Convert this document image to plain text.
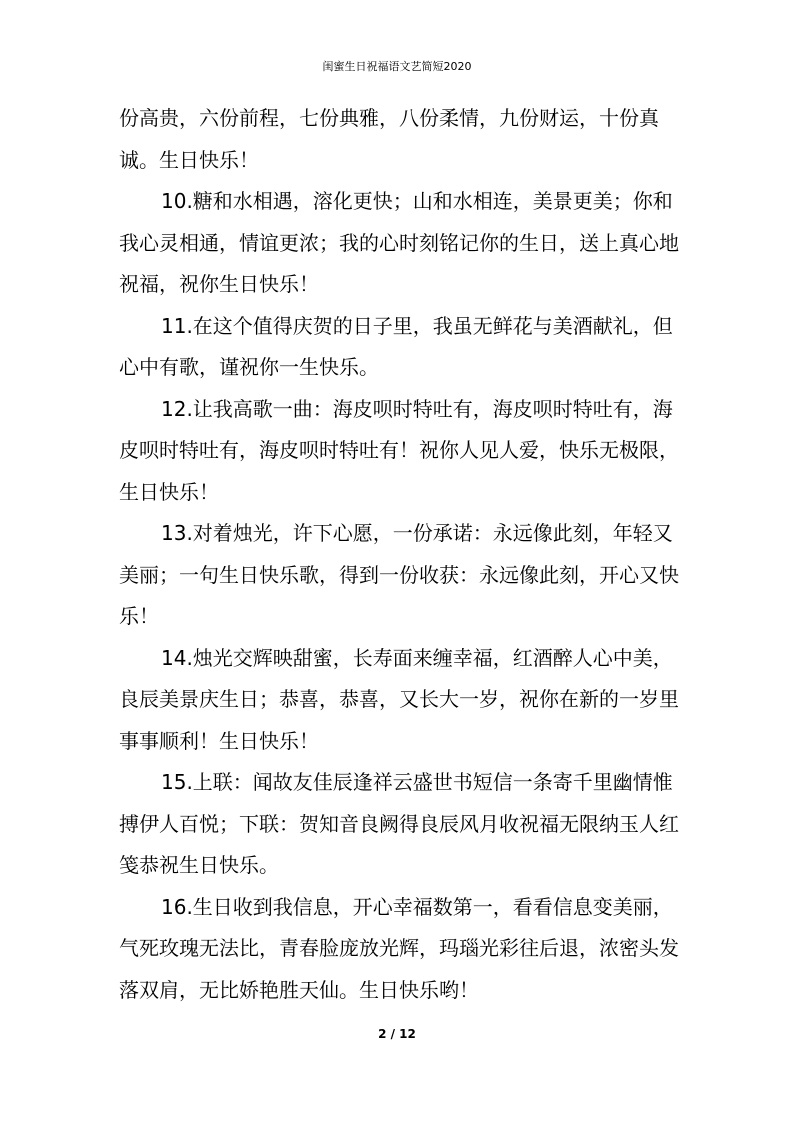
闺蜜生日祝福语文艺简短2020

份高贵，六份前程，七份典雅，八份柔情，九份财运，十份真诚。生日快乐！

10.糖和水相遇，溶化更快；山和水相连，美景更美；你和我心灵相通，情谊更浓；我的心时刻铭记你的生日，送上真心地祝福，祝你生日快乐！

11.在这个值得庆贺的日子里，我虽无鲜花与美酒献礼，但心中有歌，谨祝你一生快乐。

12.让我高歌一曲：海皮呗时特吐有，海皮呗时特吐有，海皮呗时特吐有，海皮呗时特吐有！祝你人见人爱，快乐无极限，生日快乐！

13.对着烛光，许下心愿，一份承诺：永远像此刻，年轻又美丽；一句生日快乐歌，得到一份收获：永远像此刻，开心又快乐！

14.烛光交辉映甜蜜，长寿面来缠幸福，红酒醉人心中美，良辰美景庆生日；恭喜，恭喜，又长大一岁，祝你在新的一岁里事事顺利！生日快乐！

15.上联：闻故友佳辰逢祥云盛世书短信一条寄千里幽情惟搏伊人百悦；下联：贺知音良阙得良辰风月收祝福无限纳玉人红笺恭祝生日快乐。

16.生日收到我信息，开心幸福数第一，看看信息变美丽，气死玫瑰无法比，青春脸庞放光辉，玛瑙光彩往后退，浓密头发落双肩，无比娇艳胜天仙。生日快乐哟！

2 / 12
